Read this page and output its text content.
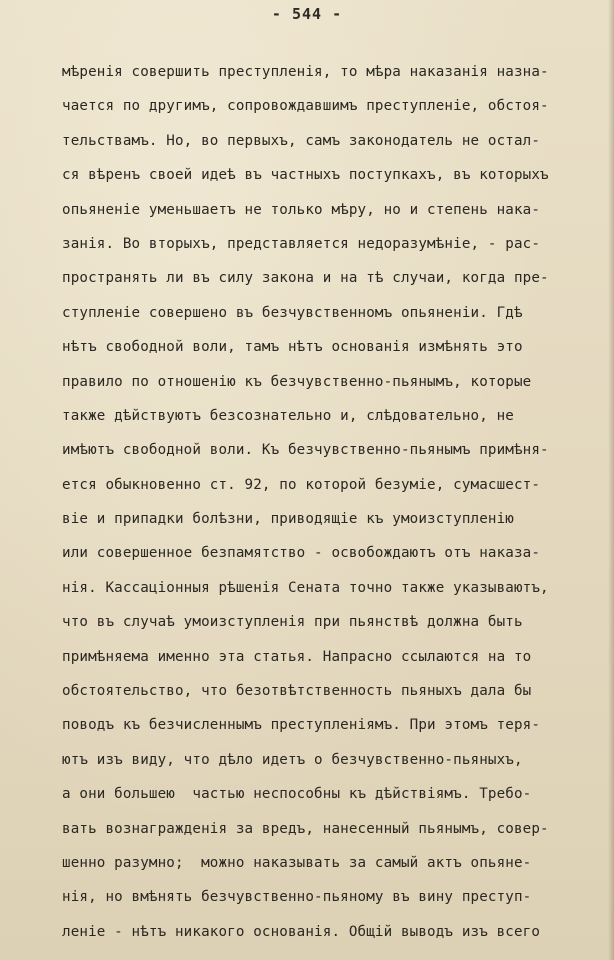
- 544 -
мѣренія совершить преступленія, то мѣра наказанія назна-
чается по другимъ, сопровождавшимъ преступленіе, обстоя-
тельствамъ. Но, во первыхъ, самъ законодатель не остал-
ся вѣренъ своей идеѣ въ частныхъ поступкахъ, въ которыхъ
опьяненіе уменьшаетъ не только мѣру, но и степень нака-
занія. Во вторыхъ, представляется недоразумѣніе, - рас-
пространять ли въ силу закона и на тѣ случаи, когда пре-
ступленіе совершено въ безчувственномъ опьяненіи. Гдѣ
нѣтъ свободной воли, тамъ нѣтъ основанія измѣнять это
правило по отношенію къ безчувственно-пьянымъ, которые
также дѣйствуютъ безсознательно и, слѣдовательно, не
имѣютъ свободной воли. Къ безчувственно-пьянымъ примѣня-
ется обыкновенно ст. 92, по которой безуміе, сумасшест-
віе и припадки болѣзни, приводящіе къ умоизступленію
или совершенное безпамятство - освобождаютъ отъ наказа-
нія. Кассаціонныя рѣшенія Сената точно также указываютъ,
что въ случаѣ умоизступленія при пьянствѣ должна быть
примѣняема именно эта статья. Напрасно ссылаются на то
обстоятельство, что безотвѣтственность пьяныхъ дала бы
поводъ къ безчисленнымъ преступленіямъ. При этомъ теря-
ютъ изъ виду, что дѣло идетъ о безчувственно-пьяныхъ,
а они большею  частью неспособны къ дѣйствіямъ. Требо-
вать вознагражденія за вредъ, нанесенный пьянымъ, совер-
шенно разумно;  можно наказывать за самый актъ опьяне-
нія, но вмѣнять безчувственно-пьяному въ вину преступ-
леніе - нѣтъ никакого основанія. Общій выводъ изъ всего
